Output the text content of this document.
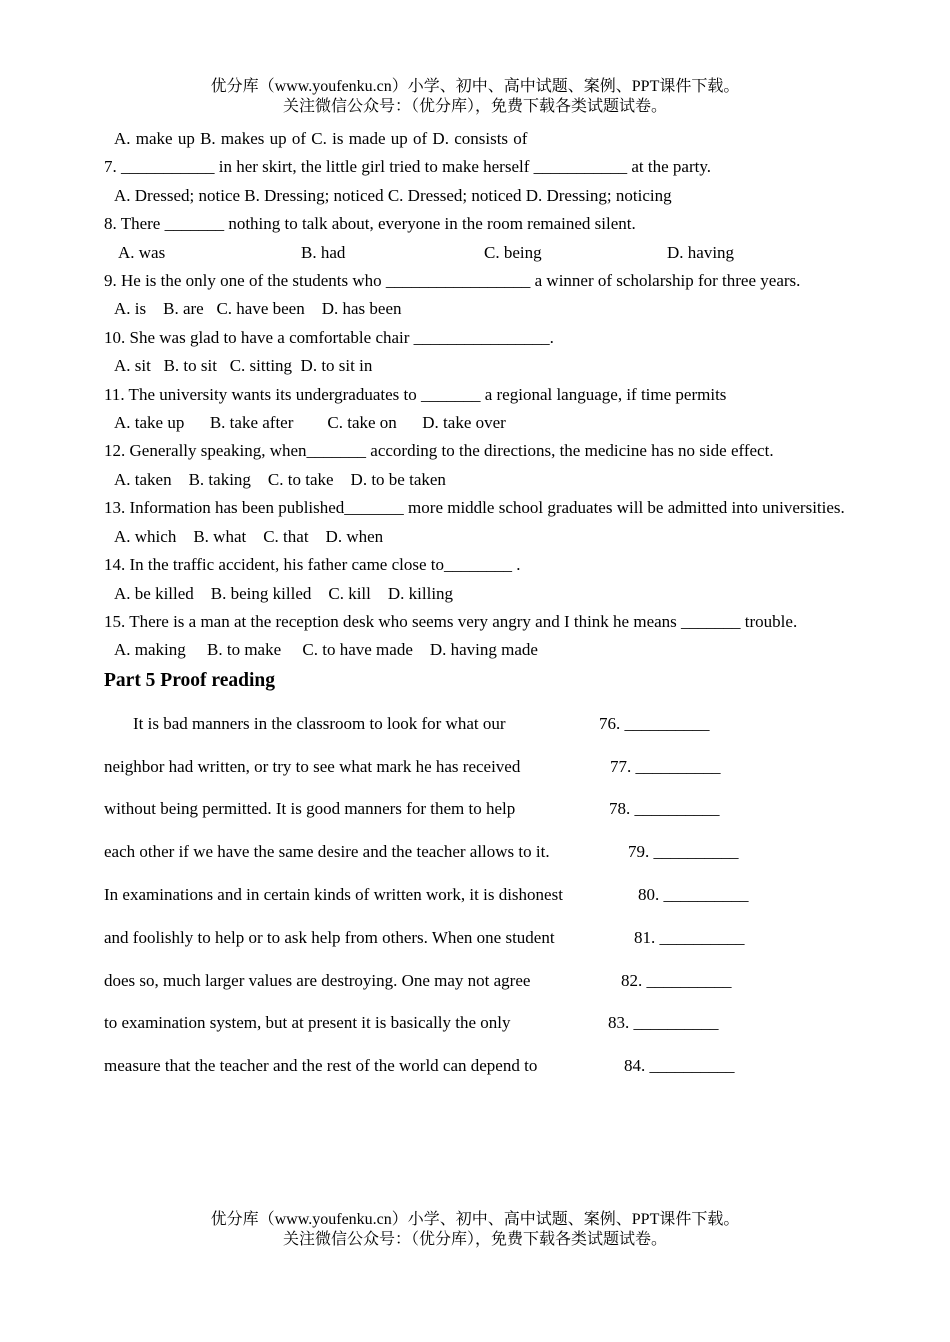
优分库（www.youfenku.cn）小学、初中、高中试题、案例、PPT课件下载。
关注微信公众号：（优分库），免费下载各类试题试卷。
A. make up B. makes up of C. is made up of D. consists of
7. ___________ in her skirt, the little girl tried to make herself ___________ at the party.
A. Dressed; notice B. Dressing; noticed C. Dressed; noticed D. Dressing; noticing
8. There _______ nothing to talk about, everyone in the room remained silent.
A. was	B. had	C. being	D. having
9. He is the only one of the students who _________________ a winner of scholarship for three years.
A. is    B. are   C. have been    D. has been
10. She was glad to have a comfortable chair ________________.
A. sit   B. to sit   C. sitting  D. to sit in
11. The university wants its undergraduates to _______ a regional language, if time permits
A. take up      B. take after        C. take on      D. take over
12. Generally speaking, when_______ according to the directions, the medicine has no side effect.
A. taken    B. taking    C. to take    D. to be taken
13. Information has been published_______ more middle school graduates will be admitted into universities.
A. which    B. what    C. that    D. when
14. In the traffic accident, his father came close to________ .
A. be killed    B. being killed    C. kill    D. killing
15. There is a man at the reception desk who seems very angry and I think he means _______ trouble.
A. making     B. to make     C. to have made    D. having made
Part 5 Proof reading
It is bad manners in the classroom to look for what our	76. __________
neighbor had written, or try to see what mark he has received	77. __________
without being permitted. It is good manners for them to help	78. __________
each other if we have the same desire and the teacher allows to it.	79. __________
In examinations and in certain kinds of written work, it is dishonest	80. __________
and foolishly to help or to ask help from others. When one student	81. __________
does so, much larger values are destroying. One may not agree	82. __________
to examination system, but at present it is basically the only	83. __________
measure that the teacher and the rest of the world can depend to	84. __________
优分库（www.youfenku.cn）小学、初中、高中试题、案例、PPT课件下载。
关注微信公众号：（优分库），免费下载各类试题试卷。
